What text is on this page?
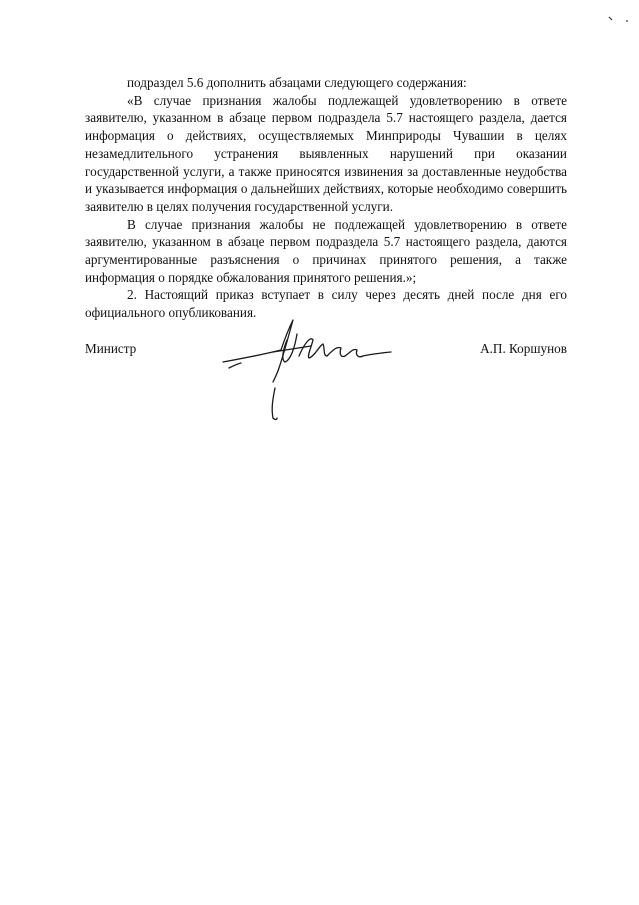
подраздел 5.6 дополнить абзацами следующего содержания:

«В случае признания жалобы подлежащей удовлетворению в ответе заявителю, указанном в абзаце первом подраздела 5.7 настоящего раздела, дается информация о действиях, осуществляемых Минприроды Чувашии в целях незамедлительного устранения выявленных нарушений при оказании государственной услуги, а также приносятся извинения за доставленные неудобства и указывается информация о дальнейших действиях, которые необходимо совершить заявителю в целях получения государственной услуги.

В случае признания жалобы не подлежащей удовлетворению в ответе заявителю, указанном в абзаце первом подраздела 5.7 настоящего раздела, даются аргументированные разъяснения о причинах принятого решения, а также информация о порядке обжалования принятого решения.»;

2. Настоящий приказ вступает в силу через десять дней после дня его официального опубликования.

Министр	А.П. Коршунов
